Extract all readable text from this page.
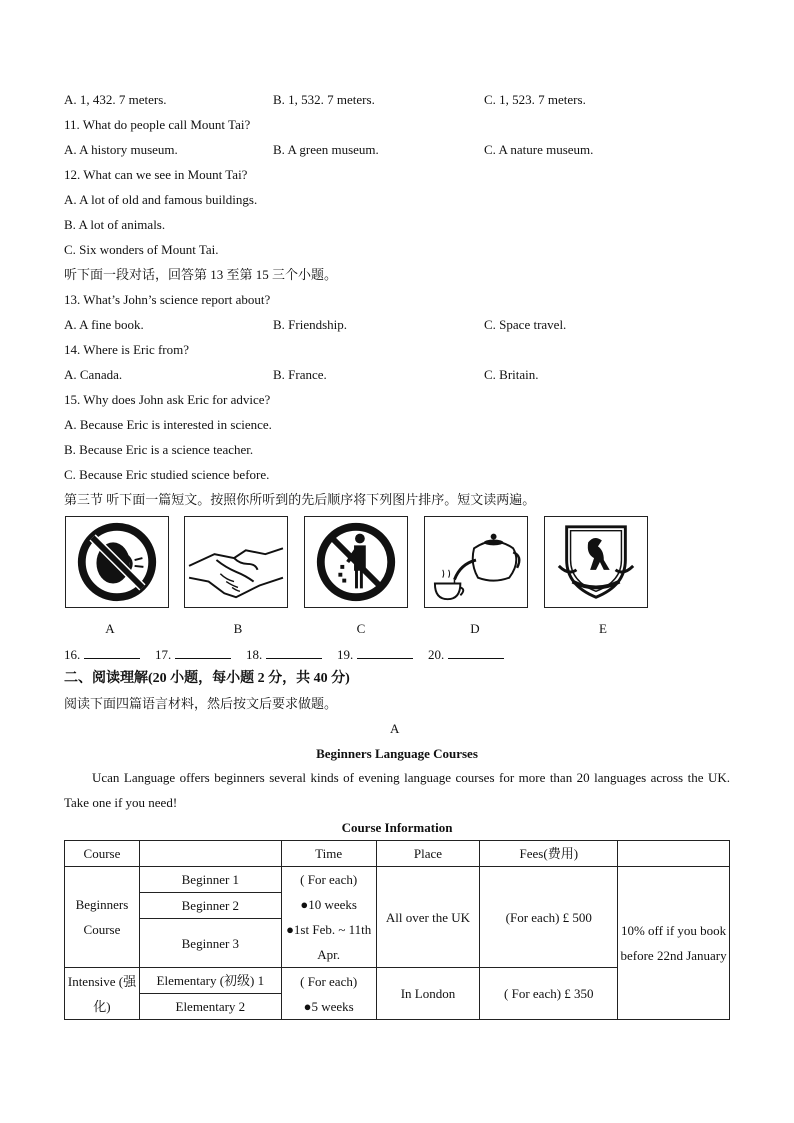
A. 1, 432. 7 meters.	B. 1, 532. 7 meters.	C. 1, 523. 7 meters.
11. What do people call Mount Tai?
A. A history museum.	B. A green museum.	C. A nature museum.
12. What can we see in Mount Tai?
A. A lot of old and famous buildings.
B. A lot of animals.
C. Six wonders of Mount Tai.
听下面一段对话，回答第 13 至第 15 三个小题。
13. What’s John’s science report about?
A. A fine book.	B. Friendship.	C. Space travel.
14. Where is Eric from?
A. Canada.	B. France.	C. Britain.
15. Why does John ask Eric for advice?
A. Because Eric is interested in science.
B. Because Eric is a science teacher.
C. Because Eric studied science before.
第三节 听下面一篇短文。按照你所听到的先后顺序将下列图片排序。短文读两遍。
A	B	C	D	E
16.	17.	18.	19.	20.
二、阅读理解(20 小题，每小题 2 分，共 40 分)
阅读下面四篇语言材料，然后按文后要求做题。
A
Beginners Language Courses
Ucan Language offers beginners several kinds of evening language courses for more than 20 languages across the UK. Take one if you need!
Course Information
Course		Time	Place	Fees(费用)	
Beginners Course	Beginner 1	( For each)
●10 weeks
●1st Feb. ~ 11th Apr.	All over the UK	(For each) £ 500	10% off if you book before 22nd January
	Beginner 2				
	Beginner 3				
Intensive (强化)	Elementary (初级) 1	( For each)
●5 weeks	In London	( For each) £ 350	
	Elementary 2				
